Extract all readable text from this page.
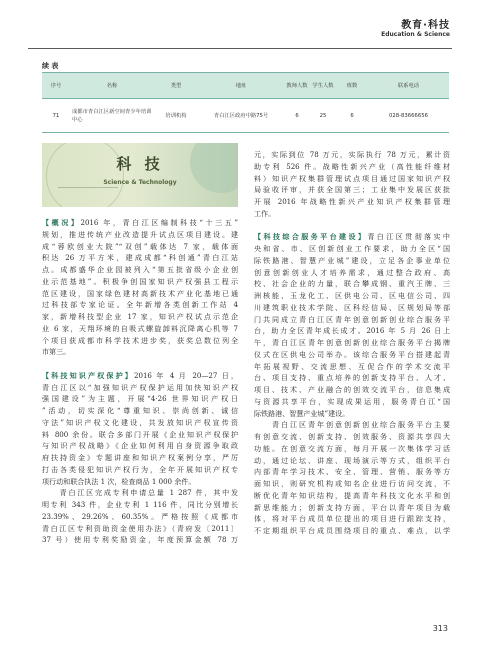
教育·科技
Education & Science
续 表
序号	名称	类型	地址	教师人数	学生人数	班数	联系电话
71	成都市青白江区新空间青少年培训中心	培训机构	青白江区政府中路75号	6	25	6	028-83666656
科 技
Science & Technology
【概况】2016 年，青白江区编制科技“十三五”
规划，推进传统产业改造提升试点区项目建设。建
成“蓉欧创业大院”“双创”载体达 7 家，载体面
积达 26 万平方米，建成成都“科创通”青白江站
点。成都盛华企业园被列入“第五批省级小企业创
业示范基地”。积极争创国家知识产权强县工程示
范区建设，国家绿色建材高新技术产业化基地已通
过科技部专家论证。全年新增各类创新工作站 4
家，新增科技型企业 17 家，知识产权试点示范企
业 6 家，天翔环境的自吸式螺旋卸料沉降离心机等 7
个项目获成都市科学技术进步奖，获奖总数位列全
市第三。
【科技知识产权保护】2016 年 4 月 20—27 日，
青白江区以“加强知识产权保护运用加快知识产权
强国建设”为主题，开展“4·26 世界知识产权日
”活动，切实深化“尊重知识、崇尚创新、诚信
守法”知识产权文化建设，共发放知识产权宣传资
料 800 余份。联合多部门开展《企业知识产权保护
与知识产权战略》《企业如何利用自身资源争取政
府扶持资金》专题讲座和知识产权案例分享，严厉
打击各类侵犯知识产权行为，全年开展知识产权专
项行动和联合执法 1 次，检查商品 1 000 余件。
　　青白江区完成专利申请总量 1 287 件，其中发
明专利 343 件，企业专利 1 116 件，同比分别增长
23.39%、29.26%、60.35%。严格按照《成都市
青白江区专利资助资金使用办法》（青府发〔2011〕
37 号）使用专利奖励资金，年度预算金额 78 万
元，实际到位 78 万元，实际执行 78 万元，累计资
助专利 526 件。战略性新兴产业（高性能纤维材
料）知识产权集群管理试点项目通过国家知识产权
局验收评审，并获全国第三；工业集中发展区获批
开展 2016 年战略性新兴产业知识产权集群管理
工作。
【科技综合服务平台建设】青白江区贯彻落实中
央和省、市、区创新创业工作要求，助力全区“国
际铁路港、智慧产业城”建设，立足各企事业单位
创意创新创业人才培养需求，通过整合政府、高
校、社会企业的力量，联合攀成钢、重汽王牌、三
洲核能、玉龙化工、区供电公司、区电信公司、四
川建筑职业技术学院、区科经信局、区规划局等部
门共同成立青白江区青年创意创新创业综合服务平
台，助力全区青年成长成才。2016 年 5 月 26 日上
午，青白江区青年创意创新创业综合服务平台揭牌
仪式在区供电公司举办。该综合服务平台搭建起青
年拓展视野、交流思想、互促合作的学术交流平
台、项目支持、重点培养的创新支持平台、人才、
项目、技术、产业融合的创效交流平台，信息集成
与资源共享平台，实现成果运用，服务青白江“国
际铁路港、智慧产业城”建设。
　　青白江区青年创意创新创业综合服务平台主要
有创意交流、创新支持、创效服务、资源共享四大
功能。在创意交流方面，每月开展一次集体学习活
动，通过论坛、讲座、现场演示等方式，组织平台
内部青年学习技术、安全、管理、营销、服务等方
面知识，则研究机构或知名企业进行访问交流，不
断优化青年知识结构，提高青年科技文化水平和创
新思维能力；创新支持方面，平台以青年项目为载
体，将对平台成员单位提出的项目进行跟踪支持，
不定期组织平台成员围绕项目的重点、难点，以学
313
